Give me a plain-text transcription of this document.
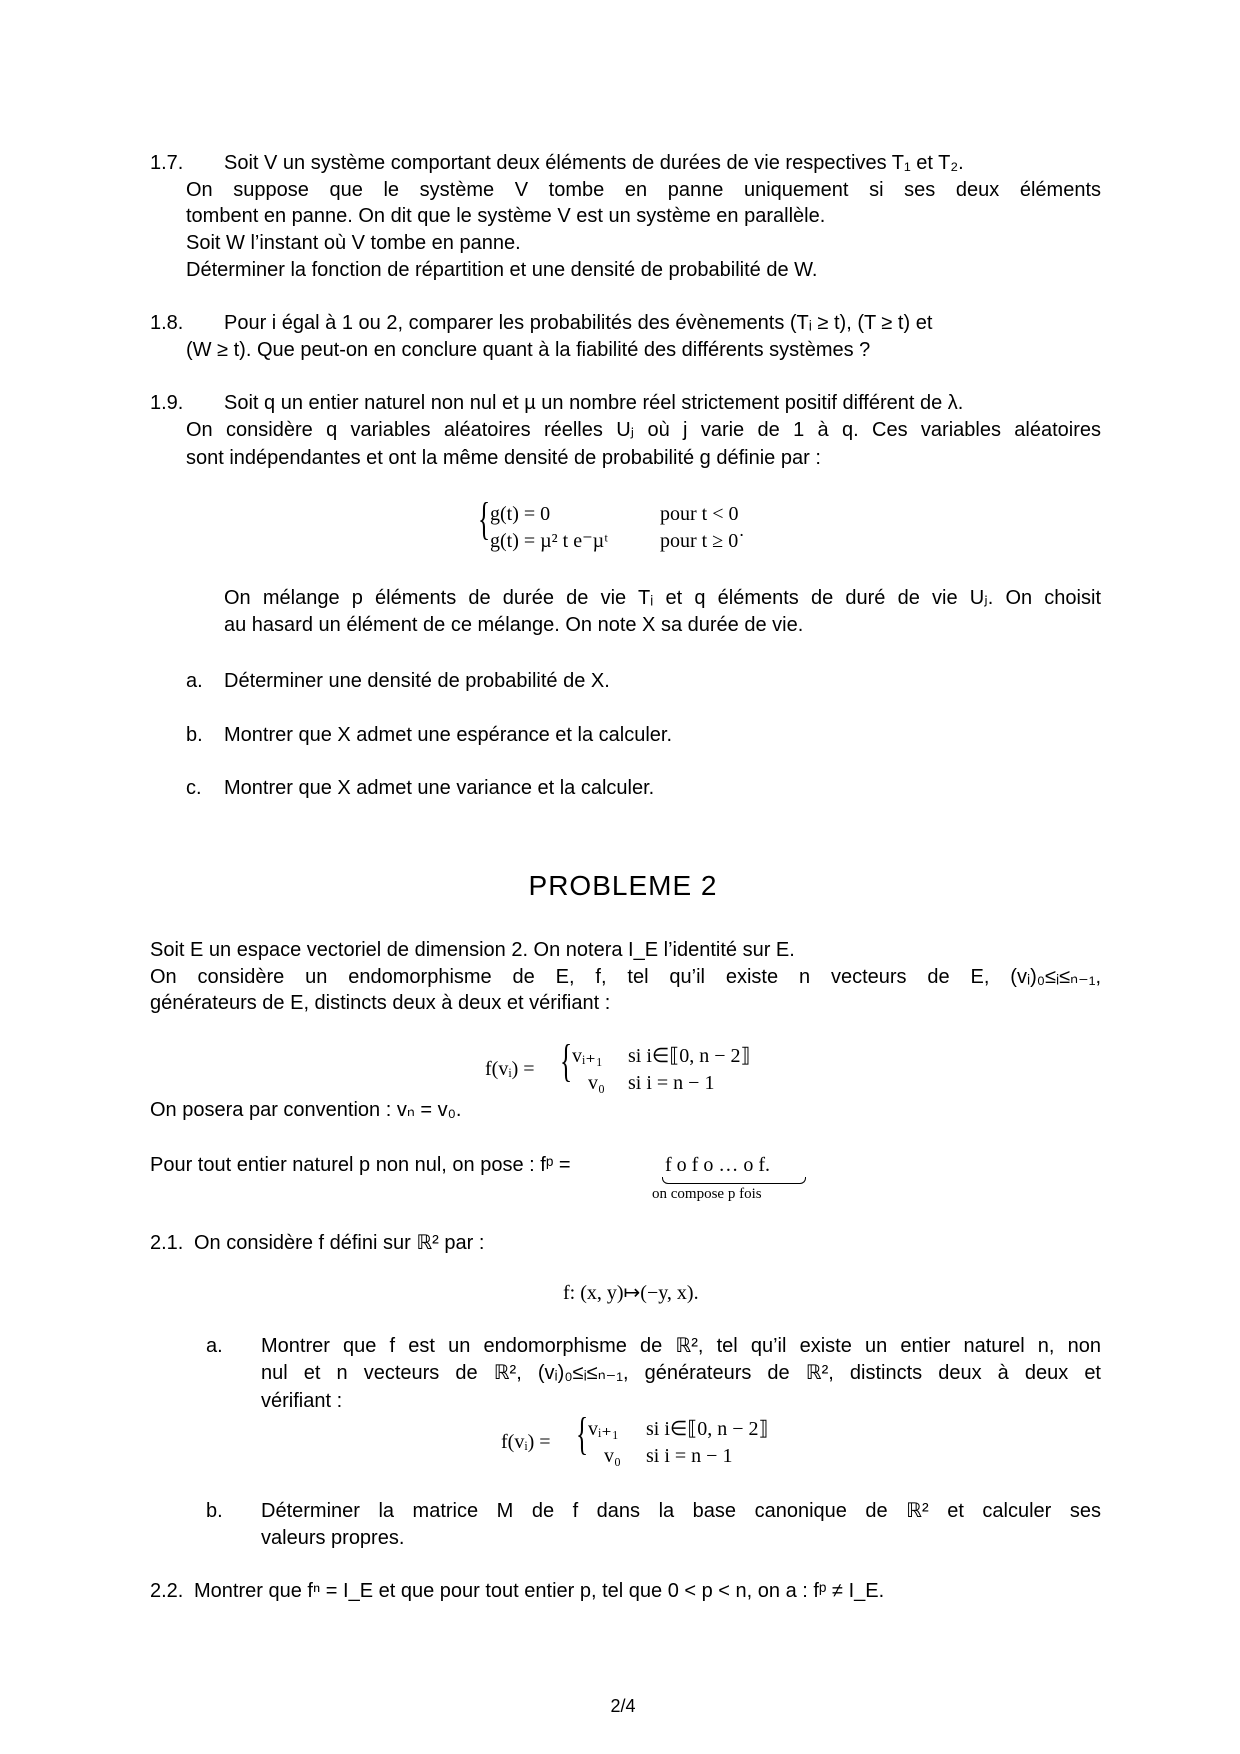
1.7. Soit V un système comportant deux éléments de durées de vie respectives T₁ et T₂.
On suppose que le système V tombe en panne uniquement si ses deux éléments
tombent en panne. On dit que le système V est un système en parallèle.
Soit W l’instant où V tombe en panne.
Déterminer la fonction de répartition et une densité de probabilité de W.
1.8. Pour i égal à 1 ou 2, comparer les probabilités des évènements (Tᵢ ≥ t), (T ≥ t) et
(W ≥ t). Que peut-on en conclure quant à la fiabilité des différents systèmes ?
1.9. Soit q un entier naturel non nul et µ un nombre réel strictement positif différent de λ.
On considère q variables aléatoires réelles Uⱼ où j varie de 1 à q. Ces variables aléatoires
sont indépendantes et ont la même densité de probabilité g définie par :
{ g(t) = 0	pour t < 0
g(t) = µ² t e⁻µᵗ	pour t ≥ 0˙
On mélange p éléments de durée de vie Tᵢ et q éléments de duré de vie Uⱼ. On choisit
au hasard un élément de ce mélange. On note X sa durée de vie.
a. Déterminer une densité de probabilité de X.
b. Montrer que X admet une espérance et la calculer.
c. Montrer que X admet une variance et la calculer.
PROBLEME 2
Soit E un espace vectoriel de dimension 2. On notera I_E l’identité sur E.
On considère un endomorphisme de E, f, tel qu’il existe n vecteurs de E, (vᵢ)₀≤ᵢ≤ₙ₋₁,
générateurs de E, distincts deux à deux et vérifiant :
f(vᵢ) = { vᵢ₊₁ si i∈⟦0, n − 2⟧
v₀ si i = n − 1
On posera par convention : vₙ = v₀.
Pour tout entier naturel p non nul, on pose : fᵖ =	f o f o … o f.
on compose p fois
2.1. On considère f défini sur ℝ² par :
f: (x, y)↦(−y, x).
a. Montrer que f est un endomorphisme de ℝ², tel qu’il existe un entier naturel n, non
nul et n vecteurs de ℝ², (vᵢ)₀≤ᵢ≤ₙ₋₁, générateurs de ℝ², distincts deux à deux et
vérifiant :
f(vᵢ) = { vᵢ₊₁ si i∈⟦0, n − 2⟧
v₀ si i = n − 1
b. Déterminer la matrice M de f dans la base canonique de ℝ² et calculer ses
valeurs propres.
2.2. Montrer que fⁿ = I_E et que pour tout entier p, tel que 0 < p < n, on a : fᵖ ≠ I_E.
2/4
